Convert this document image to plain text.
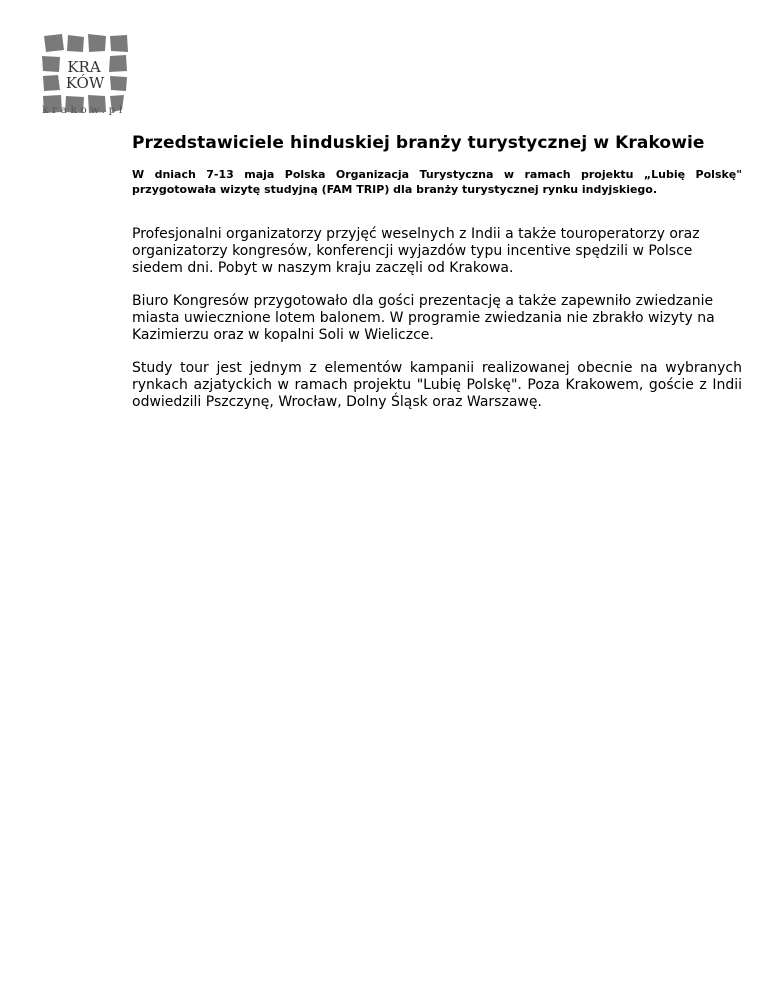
KRA
KÓW
krakow.pl
Przedstawiciele hinduskiej branży turystycznej w Krakowie

W dniach 7-13 maja Polska Organizacja Turystyczna w ramach projektu „Lubię Polskę" przygotowała wizytę studyjną (FAM TRIP) dla branży turystycznej rynku indyjskiego.

Profesjonalni organizatorzy przyjęć weselnych z Indii a także touroperatorzy oraz organizatorzy kongresów, konferencji wyjazdów typu incentive spędzili w Polsce siedem dni. Pobyt w naszym kraju zaczęli od Krakowa.

Biuro Kongresów przygotowało dla gości prezentację a także zapewniło zwiedzanie miasta uwiecznione lotem balonem. W programie zwiedzania nie zbrakło wizyty na Kazimierzu oraz w kopalni Soli w Wieliczce.

Study tour jest jednym z elementów kampanii realizowanej obecnie na wybranych rynkach azjatyckich w ramach projektu "Lubię Polskę". Poza Krakowem, goście z Indii odwiedzili Pszczynę, Wrocław, Dolny Śląsk oraz Warszawę.
